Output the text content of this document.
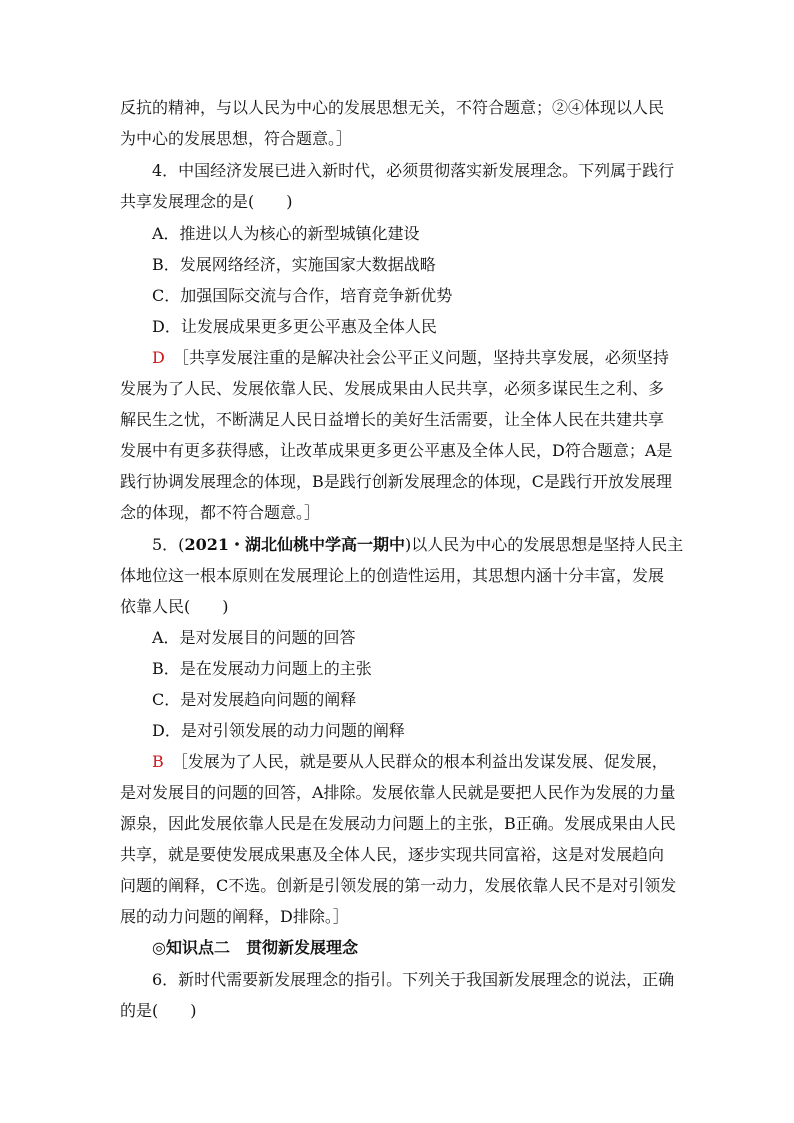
反抗的精神，与以人民为中心的发展思想无关，不符合题意；②④体现以人民
为中心的发展思想，符合题意。］
4．中国经济发展已进入新时代，必须贯彻落实新发展理念。下列属于践行
共享发展理念的是(　　)
A．推进以人为核心的新型城镇化建设
B．发展网络经济，实施国家大数据战略
C．加强国际交流与合作，培育竞争新优势
D．让发展成果更多更公平惠及全体人民
D　 ［共享发展注重的是解决社会公平正义问题，坚持共享发展，必须坚持
发展为了人民、发展依靠人民、发展成果由人民共享，必须多谋民生之利、多
解民生之忧，不断满足人民日益增长的美好生活需要，让全体人民在共建共享
发展中有更多获得感，让改革成果更多更公平惠及全体人民，D符合题意；A是
践行协调发展理念的体现，B是践行创新发展理念的体现，C是践行开放发展理
念的体现，都不符合题意。］
5．(2021・湖北仙桃中学高一期中)以人民为中心的发展思想是坚持人民主
体地位这一根本原则在发展理论上的创造性运用，其思想内涵十分丰富，发展
依靠人民(　　)
A．是对发展目的问题的回答
B．是在发展动力问题上的主张
C．是对发展趋向问题的阐释
D．是对引领发展的动力问题的阐释
B　 ［发展为了人民，就是要从人民群众的根本利益出发谋发展、促发展，
是对发展目的问题的回答，A排除。发展依靠人民就是要把人民作为发展的力量
源泉，因此发展依靠人民是在发展动力问题上的主张，B正确。发展成果由人民
共享，就是要使发展成果惠及全体人民，逐步实现共同富裕，这是对发展趋向
问题的阐释，C不选。创新是引领发展的第一动力，发展依靠人民不是对引领发
展的动力问题的阐释，D排除。］
◎知识点二　贯彻新发展理念
6．新时代需要新发展理念的指引。下列关于我国新发展理念的说法，正确
的是(　　)
